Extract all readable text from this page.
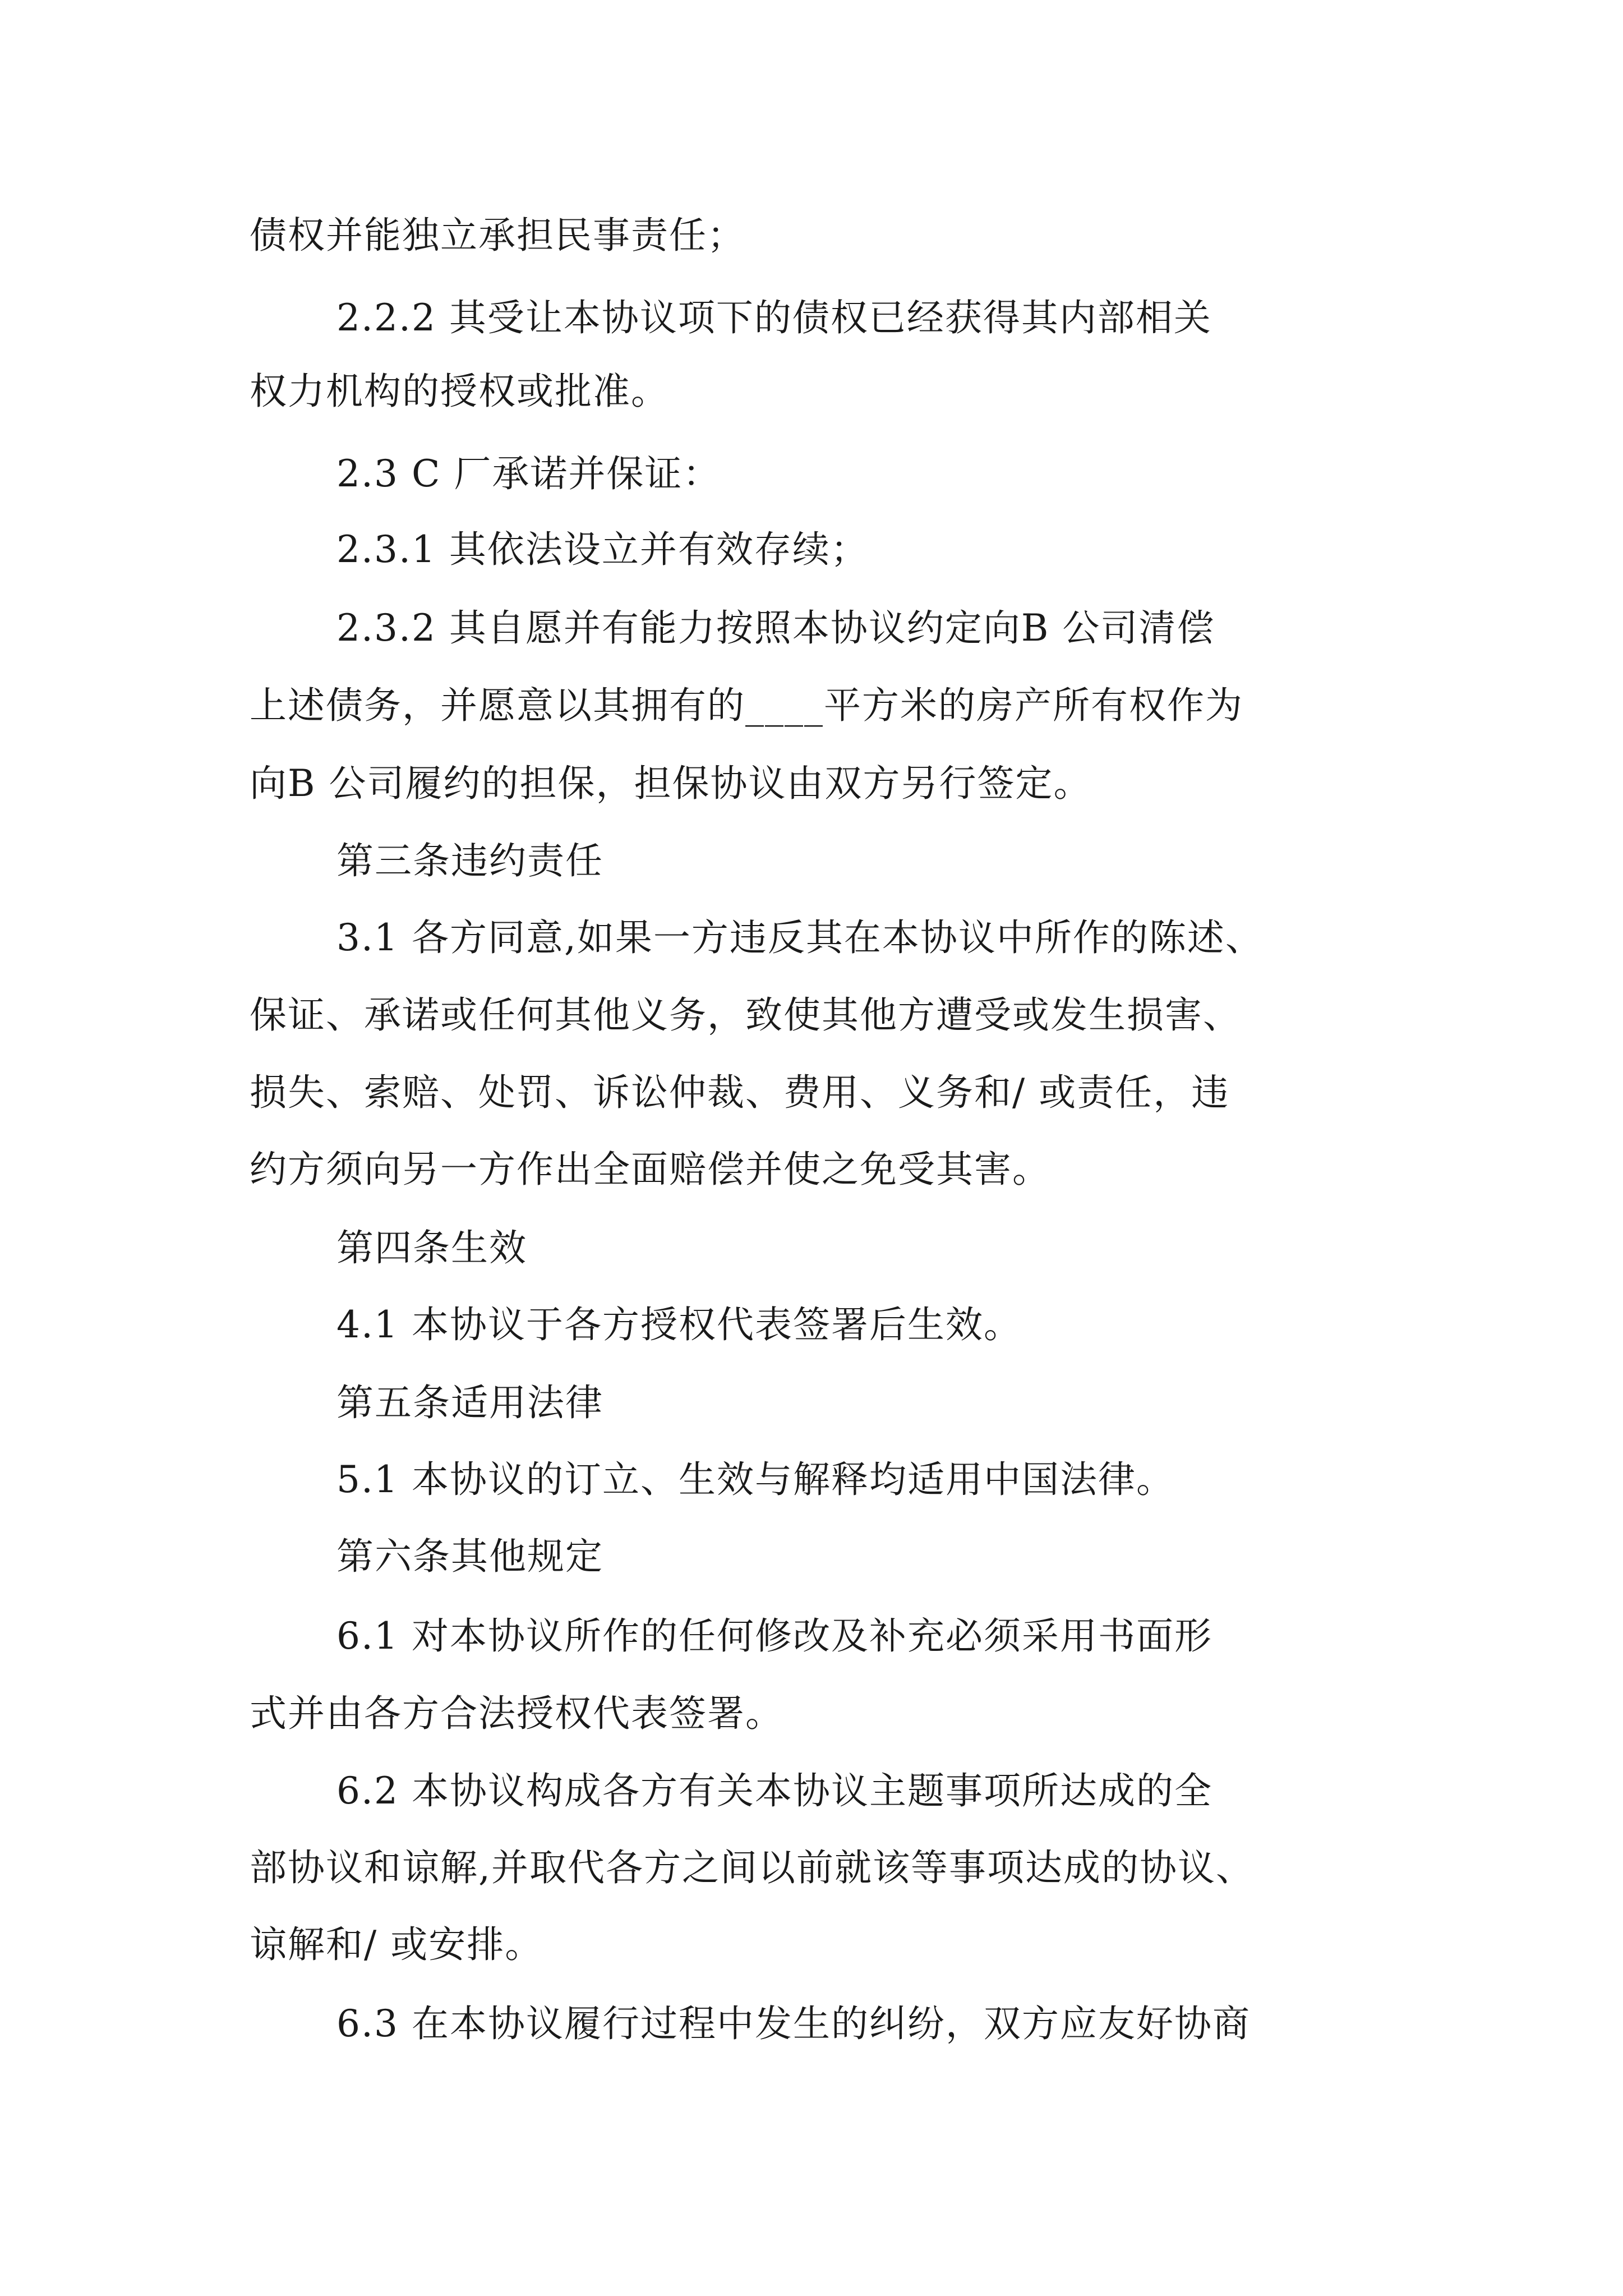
债权并能独立承担民事责任；
2.2.2 其受让本协议项下的债权已经获得其内部相关
权力机构的授权或批准。
2.3 C 厂承诺并保证：
2.3.1 其依法设立并有效存续；
2.3.2 其自愿并有能力按照本协议约定向B 公司清偿
上述债务，并愿意以其拥有的____平方米的房产所有权作为
向B 公司履约的担保，担保协议由双方另行签定。
第三条违约责任
3.1 各方同意,如果一方违反其在本协议中所作的陈述、
保证、承诺或任何其他义务，致使其他方遭受或发生损害、
损失、索赔、处罚、诉讼仲裁、费用、义务和/ 或责任，违
约方须向另一方作出全面赔偿并使之免受其害。
第四条生效
4.1 本协议于各方授权代表签署后生效。
第五条适用法律
5.1 本协议的订立、生效与解释均适用中国法律。
第六条其他规定
6.1 对本协议所作的任何修改及补充必须采用书面形
式并由各方合法授权代表签署。
6.2 本协议构成各方有关本协议主题事项所达成的全
部协议和谅解,并取代各方之间以前就该等事项达成的协议、
谅解和/ 或安排。
6.3 在本协议履行过程中发生的纠纷，双方应友好协商
